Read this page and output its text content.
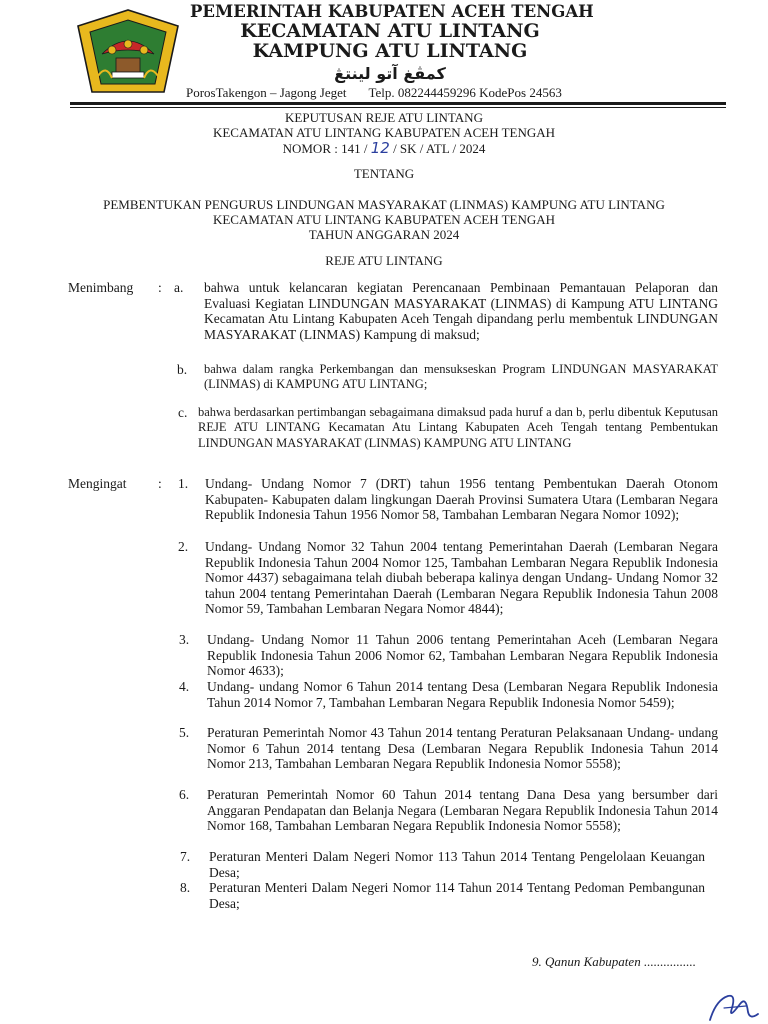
PEMERINTAH KABUPATEN ACEH TENGAH
KECAMATAN ATU LINTANG
KAMPUNG ATU LINTANG
كمڤغ آتو لينتڠ
PorosTakengon – Jagong Jeget Telp. 082244459296 KodePos 24563
KEPUTUSAN REJE ATU LINTANG
KECAMATAN ATU LINTANG KABUPATEN ACEH TENGAH
NOMOR : 141 / 12 / SK / ATL / 2024
TENTANG
PEMBENTUKAN PENGURUS LINDUNGAN MASYARAKAT (LINMAS) KAMPUNG ATU LINTANG
KECAMATAN ATU LINTANG KABUPATEN ACEH TENGAH
TAHUN ANGGARAN 2024
REJE ATU LINTANG
Menimbang : a. bahwa untuk kelancaran kegiatan Perencanaan Pembinaan Pemantauan Pelaporan dan Evaluasi Kegiatan LINDUNGAN MASYARAKAT (LINMAS) di Kampung ATU LINTANG Kecamatan Atu Lintang Kabupaten Aceh Tengah dipandang perlu membentuk LINDUNGAN MASYARAKAT (LINMAS) Kampung di maksud;
b. bahwa dalam rangka Perkembangan dan mensukseskan Program LINDUNGAN MASYARAKAT (LINMAS) di KAMPUNG ATU LINTANG;
c. bahwa berdasarkan pertimbangan sebagaimana dimaksud pada huruf a dan b, perlu dibentuk Keputusan REJE ATU LINTANG Kecamatan Atu Lintang Kabupaten Aceh Tengah tentang Pembentukan LINDUNGAN MASYARAKAT (LINMAS) KAMPUNG ATU LINTANG
Mengingat : 1. Undang- Undang Nomor 7 (DRT) tahun 1956 tentang Pembentukan Daerah Otonom Kabupaten- Kabupaten dalam lingkungan Daerah Provinsi Sumatera Utara (Lembaran Negara Republik Indonesia Tahun 1956 Nomor 58, Tambahan Lembaran Negara Nomor 1092);
2. Undang- Undang Nomor 32 Tahun 2004 tentang Pemerintahan Daerah (Lembaran Negara Republik Indonesia Tahun 2004 Nomor 125, Tambahan Lembaran Negara Republik Indonesia Nomor 4437) sebagaimana telah diubah beberapa kalinya dengan Undang- Undang Nomor 32 tahun 2004 tentang Pemerintahan Daerah (Lembaran Negara Republik Indonesia Tahun 2008 Nomor 59, Tambahan Lembaran Negara Nomor 4844);
3. Undang- Undang Nomor 11 Tahun 2006 tentang Pemerintahan Aceh (Lembaran Negara Republik Indonesia Tahun 2006 Nomor 62, Tambahan Lembaran Negara Republik Indonesia Nomor 4633);
4. Undang- undang Nomor 6 Tahun 2014 tentang Desa (Lembaran Negara Republik Indonesia Tahun 2014 Nomor 7, Tambahan Lembaran Negara Republik Indonesia Nomor 5459);
5. Peraturan Pemerintah Nomor 43 Tahun 2014 tentang Peraturan Pelaksanaan Undang- undang Nomor 6 Tahun 2014 tentang Desa (Lembaran Negara Republik Indonesia Tahun 2014 Nomor 213, Tambahan Lembaran Negara Republik Indonesia Nomor 5558);
6. Peraturan Pemerintah Nomor 60 Tahun 2014 tentang Dana Desa yang bersumber dari Anggaran Pendapatan dan Belanja Negara (Lembaran Negara Republik Indonesia Tahun 2014 Nomor 168, Tambahan Lembaran Negara Republik Indonesia Nomor 5558);
7. Peraturan Menteri Dalam Negeri Nomor 113 Tahun 2014 Tentang Pengelolaan Keuangan Desa;
8. Peraturan Menteri Dalam Negeri Nomor 114 Tahun 2014 Tentang Pedoman Pembangunan Desa;
9. Qanun Kabupaten ................
